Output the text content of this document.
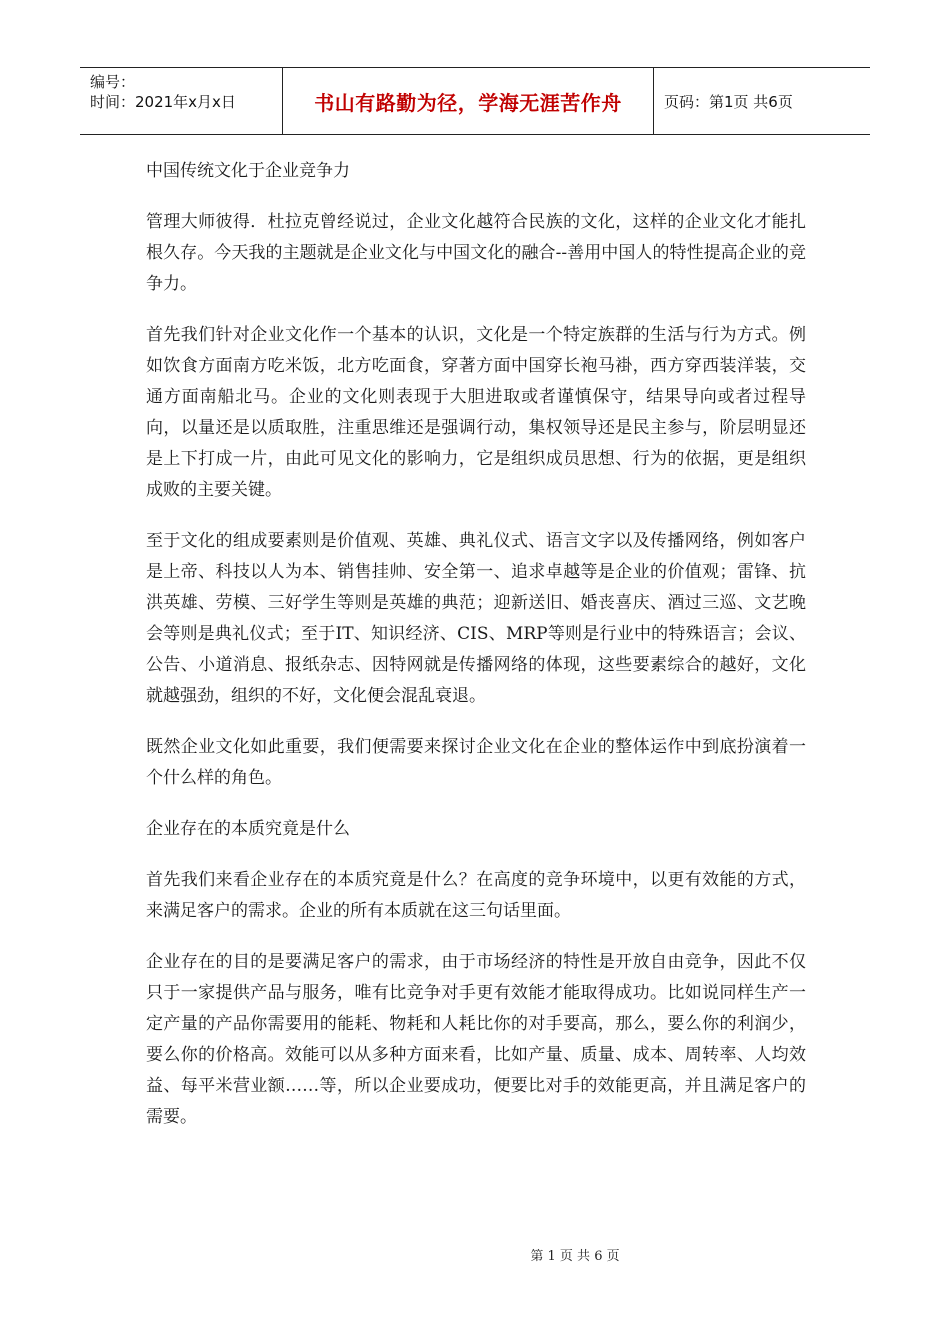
编号：
时间：2021年x月x日	书山有路勤为径，学海无涯苦作舟	页码：第1页 共6页

中国传统文化于企业竞争力

管理大师彼得．杜拉克曾经说过，企业文化越符合民族的文化，这样的企业文化才能扎根久存。今天我的主题就是企业文化与中国文化的融合--善用中国人的特性提高企业的竞争力。

首先我们针对企业文化作一个基本的认识，文化是一个特定族群的生活与行为方式。例如饮食方面南方吃米饭，北方吃面食，穿著方面中国穿长袍马褂，西方穿西装洋装，交通方面南船北马。企业的文化则表现于大胆进取或者谨慎保守，结果导向或者过程导向，以量还是以质取胜，注重思维还是强调行动，集权领导还是民主参与，阶层明显还是上下打成一片，由此可见文化的影响力，它是组织成员思想、行为的依据，更是组织成败的主要关键。

至于文化的组成要素则是价值观、英雄、典礼仪式、语言文字以及传播网络，例如客户是上帝、科技以人为本、销售挂帅、安全第一、追求卓越等是企业的价值观；雷锋、抗洪英雄、劳模、三好学生等则是英雄的典范；迎新送旧、婚丧喜庆、酒过三巡、文艺晚会等则是典礼仪式；至于IT、知识经济、CIS、MRP等则是行业中的特殊语言；会议、公告、小道消息、报纸杂志、因特网就是传播网络的体现，这些要素综合的越好，文化就越强劲，组织的不好，文化便会混乱衰退。

既然企业文化如此重要，我们便需要来探讨企业文化在企业的整体运作中到底扮演着一个什么样的角色。

企业存在的本质究竟是什么

首先我们来看企业存在的本质究竟是什么？在高度的竞争环境中，以更有效能的方式，来满足客户的需求。企业的所有本质就在这三句话里面。

企业存在的目的是要满足客户的需求，由于市场经济的特性是开放自由竞争，因此不仅只于一家提供产品与服务，唯有比竞争对手更有效能才能取得成功。比如说同样生产一定产量的产品你需要用的能耗、物耗和人耗比你的对手要高，那么，要么你的利润少，要么你的价格高。效能可以从多种方面来看，比如产量、质量、成本、周转率、人均效益、每平米营业额……等，所以企业要成功，便要比对手的效能更高，并且满足客户的需要。

第 1 页 共 6 页
